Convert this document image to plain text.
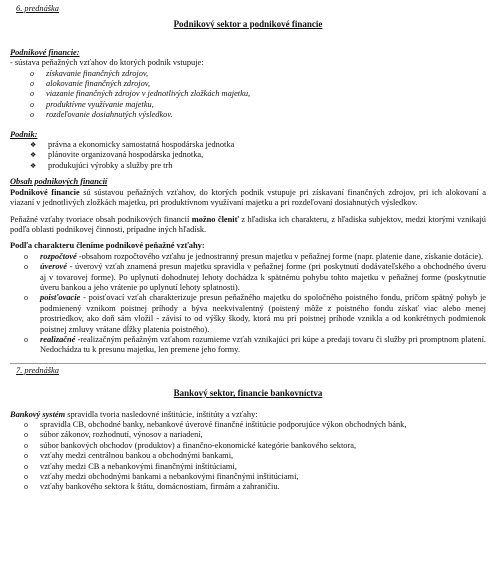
6. prednáška
Podnikový sektor a podnikové financie
Podnikové financie:
- sústava peňažných vzťahov do ktorých podnik vstupuje:
o získavanie finančných zdrojov,
o alokovanie finančných zdrojov,
o viazanie finančných zdrojov v jednotlivých zložkách majetku,
o produktívne využívanie majetku,
o rozdeľovanie dosiahnutých výsledkov.
Podnik:
❖ právna a ekonomicky samostatná hospodárska jednotka
❖ plánovite organizovaná hospodárska jednotka,
❖ produkujúci výrobky a služby pre trh
Obsah podnikových financií

Podnikové financie sú sústavou peňažných vzťahov, do ktorých podnik vstupuje pri získavaní finančných zdrojov, pri ich alokovaní a viazaní v jednotlivých zložkách majetku, pri produktívnom využívaní majetku a pri rozdeľovaní dosiahnutých výsledkov.

Peňažné vzťahy tvoriace obsah podnikových financií možno členiť z hľadiska ich charakteru, z hľadiska subjektov, medzi ktorými vznikajú podľa oblasti podnikovej činnosti, prípadne iných hľadísk.

Podľa charakteru členíme podnikové peňažné vzťahy:
o rozpočtové -obsahom rozpočtového vzťahu je jednostranný presun majetku v peňažnej forme (napr. platenie dane, získanie dotácie).
o úverové - úverový vzťah znamená presun majetku spravidla v peňažnej forme (pri poskytnutí dodávateľského a obchodného úveru aj v tovarovej forme). Po uplynutí dohodnutej lehoty dochádza k spätnému pohybu tohto majetku v peňažnej forme (poskytnutie úveru bankou a jeho vrátenie po uplynutí lehoty splatnosti).
o poisťovacie - poisťovací vzťah charakterizuje presun peňažného majetku do spoločného poistného fondu, pričom spätný pohyb je podmienený vznikom poistnej príhody a býva neekvivalentný (poistený môže z poistného fondu získať viac alebo menej prostriedkov, ako doň sám vložil - závisí to od výšky škody, ktorá mu pri poistnej príhode vznikla a od konkrétnych podmienok poistnej zmluvy vrátane dĺžky platenia poistného).
o realizačné -realizačným peňažným vzťahom rozumieme vzťah vznikajúci pri kúpe a predaji tovaru či služby pri promptnom platení. Nedochádza tu k presunu majetku, len premene jeho formy.
7. prednáška
Bankový sektor, financie bankovníctva

Bankový systém spravidla tvoria nasledovné inštitúcie, inštitúty a vzťahy:

o spravidla CB, obchodné banky, nebankové úverové finančné inštitúcie podporujúce výkon obchodných bánk,
o súbor zákonov, rozhodnutí, výnosov a nariadení,
o súbor bankových obchodov (produktov) a finančno-ekonomické kategórie bankového sektora,
o vzťahy medzi centrálnou bankou a obchodnými bankami,
o vzťahy medzi CB a nebankovými finančnými inštitúciami,
o vzťahy medzi obchodnými bankami a nebankovými finančnými inštitúciami,
o vzťahy bankového sektora k štátu, domácnostiam, firmám a zahraničiu.
